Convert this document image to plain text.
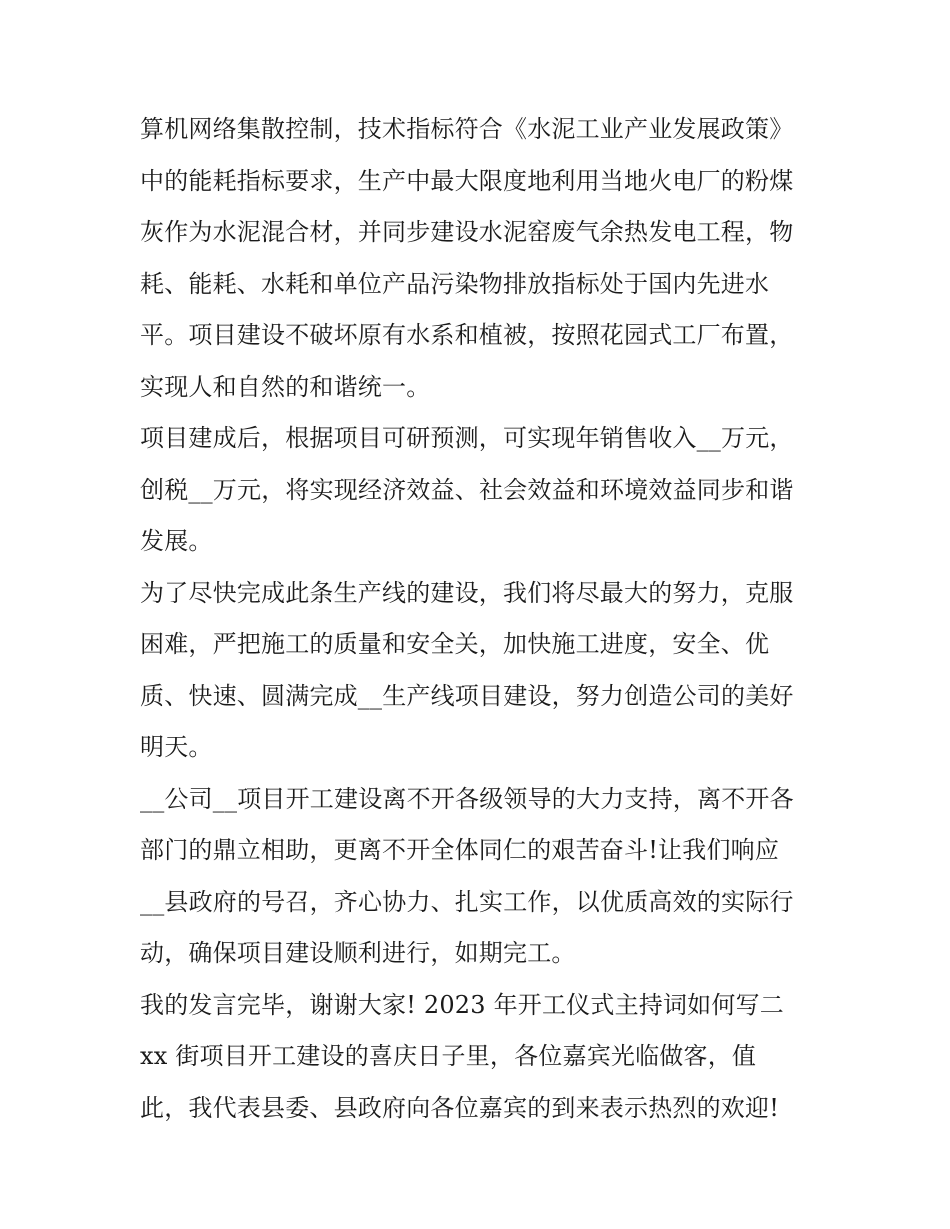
算机网络集散控制，技术指标符合《水泥工业产业发展政策》
中的能耗指标要求，生产中最大限度地利用当地火电厂的粉煤
灰作为水泥混合材，并同步建设水泥窑废气余热发电工程，物
耗、能耗、水耗和单位产品污染物排放指标处于国内先进水
平。项目建设不破坏原有水系和植被，按照花园式工厂布置，
实现人和自然的和谐统一。
项目建成后，根据项目可研预测，可实现年销售收入__万元，
创税__万元，将实现经济效益、社会效益和环境效益同步和谐
发展。
为了尽快完成此条生产线的建设，我们将尽最大的努力，克服
困难，严把施工的质量和安全关，加快施工进度，安全、优
质、快速、圆满完成__生产线项目建设，努力创造公司的美好
明天。
__公司__项目开工建设离不开各级领导的大力支持，离不开各
部门的鼎立相助，更离不开全体同仁的艰苦奋斗!让我们响应
__县政府的号召，齐心协力、扎实工作，以优质高效的实际行
动，确保项目建设顺利进行，如期完工。
我的发言完毕，谢谢大家! 2023 年开工仪式主持词如何写二
xx 街项目开工建设的喜庆日子里，各位嘉宾光临做客，值
此，我代表县委、县政府向各位嘉宾的到来表示热烈的欢迎!
